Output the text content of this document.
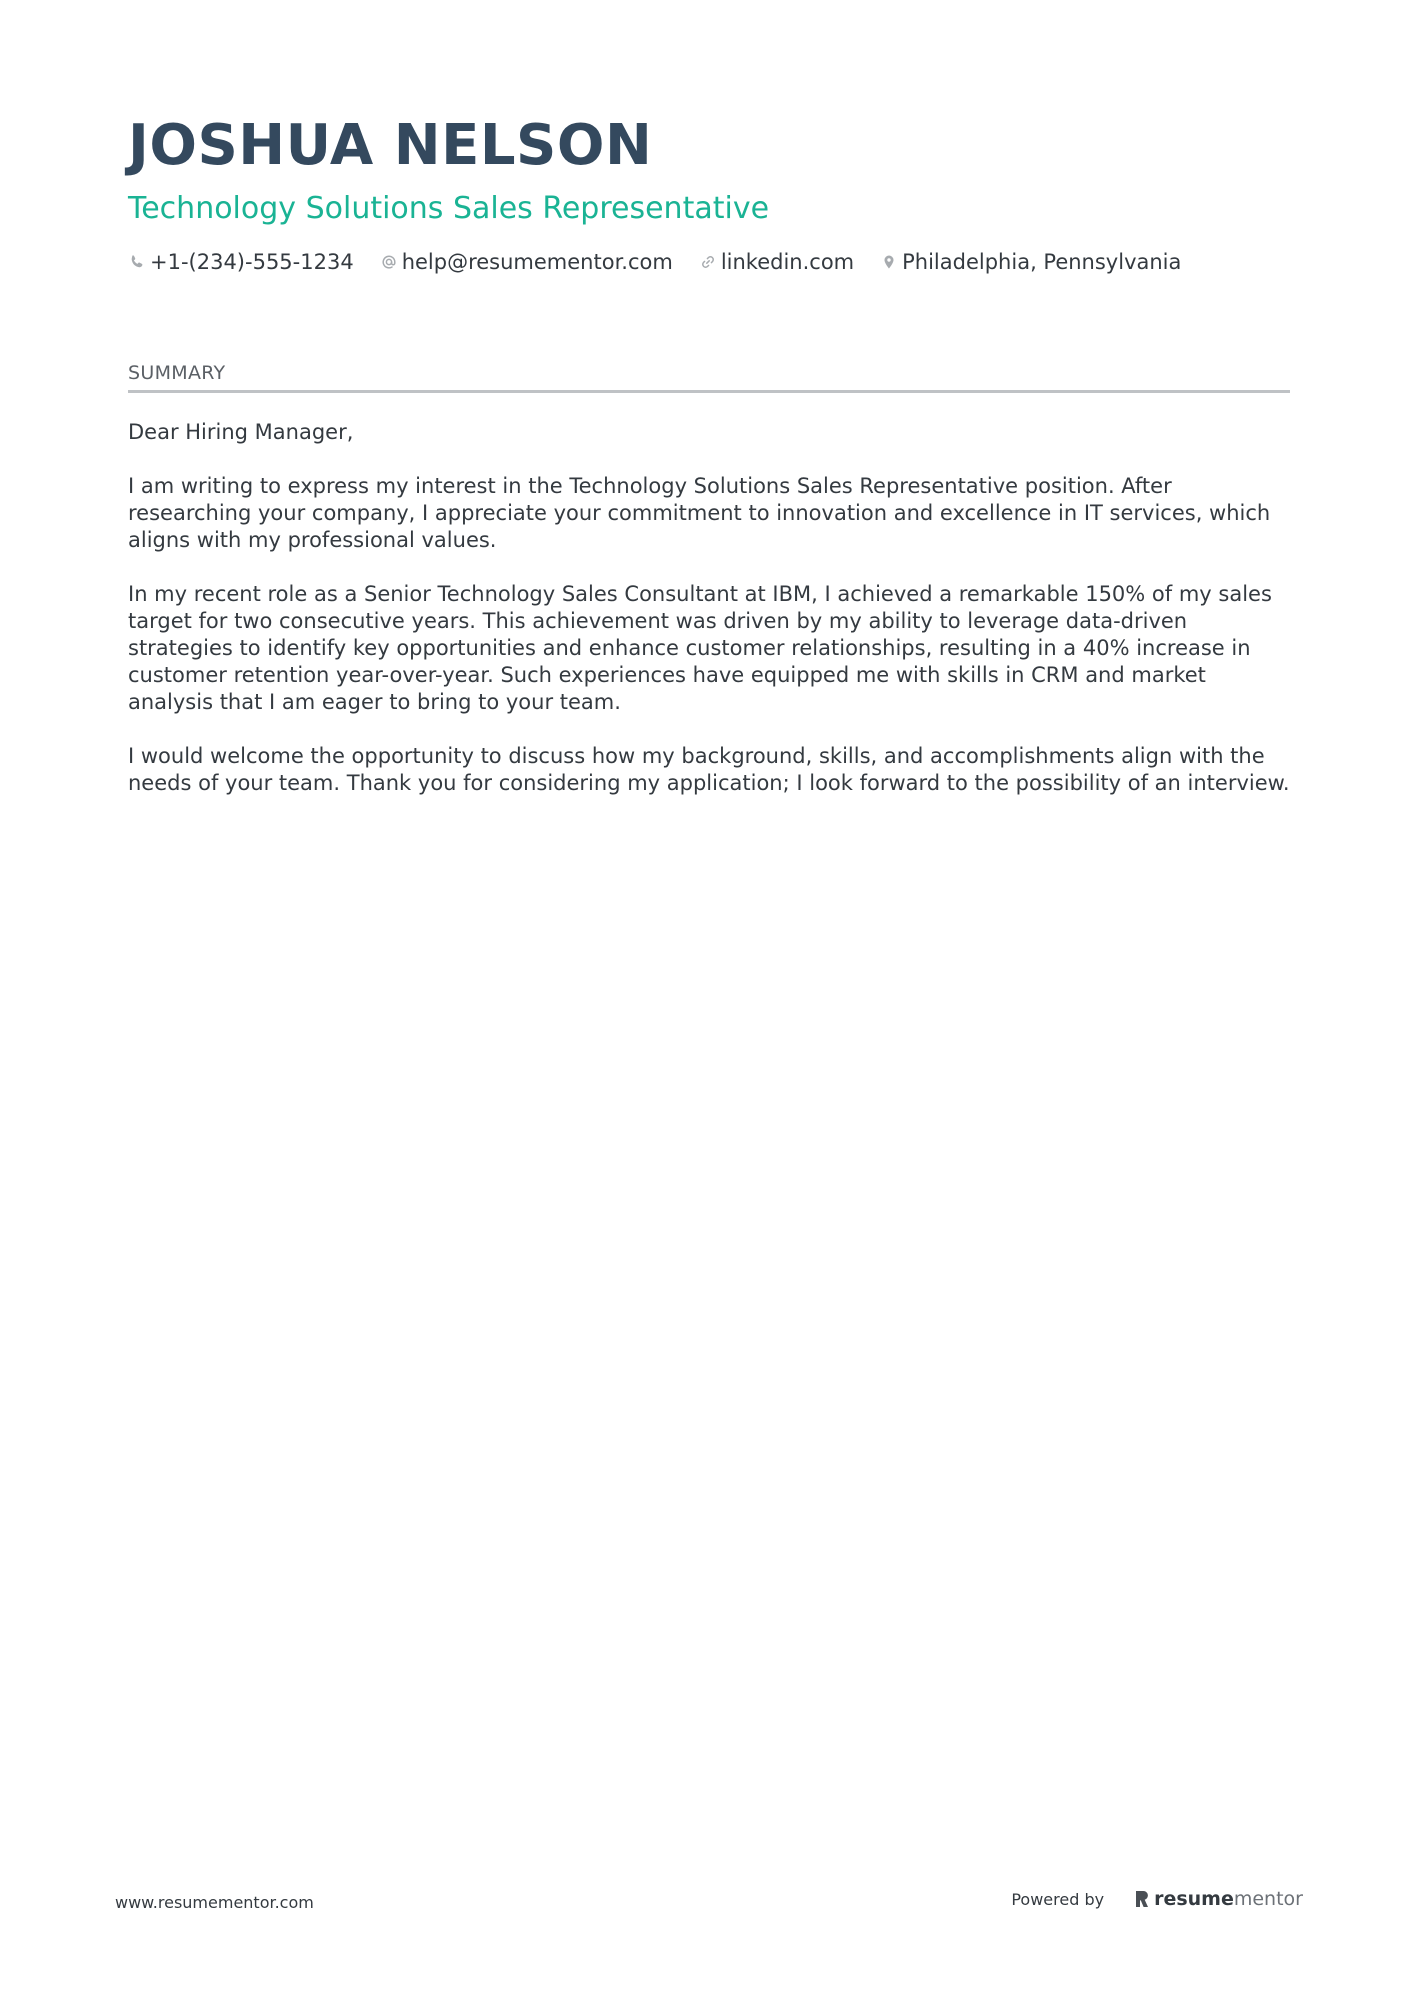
JOSHUA NELSON
Technology Solutions Sales Representative
+1-(234)-555-1234 help@resumementor.com linkedin.com Philadelphia, Pennsylvania
SUMMARY

Dear Hiring Manager,

I am writing to express my interest in the Technology Solutions Sales Representative position. After researching your company, I appreciate your commitment to innovation and excellence in IT services, which aligns with my professional values.

In my recent role as a Senior Technology Sales Consultant at IBM, I achieved a remarkable 150% of my sales target for two consecutive years. This achievement was driven by my ability to leverage data-driven strategies to identify key opportunities and enhance customer relationships, resulting in a 40% increase in customer retention year-over-year. Such experiences have equipped me with skills in CRM and market analysis that I am eager to bring to your team.

I would welcome the opportunity to discuss how my background, skills, and accomplishments align with the needs of your team. Thank you for considering my application; I look forward to the possibility of an interview.

www.resumementor.com	Powered by	resume mentor
